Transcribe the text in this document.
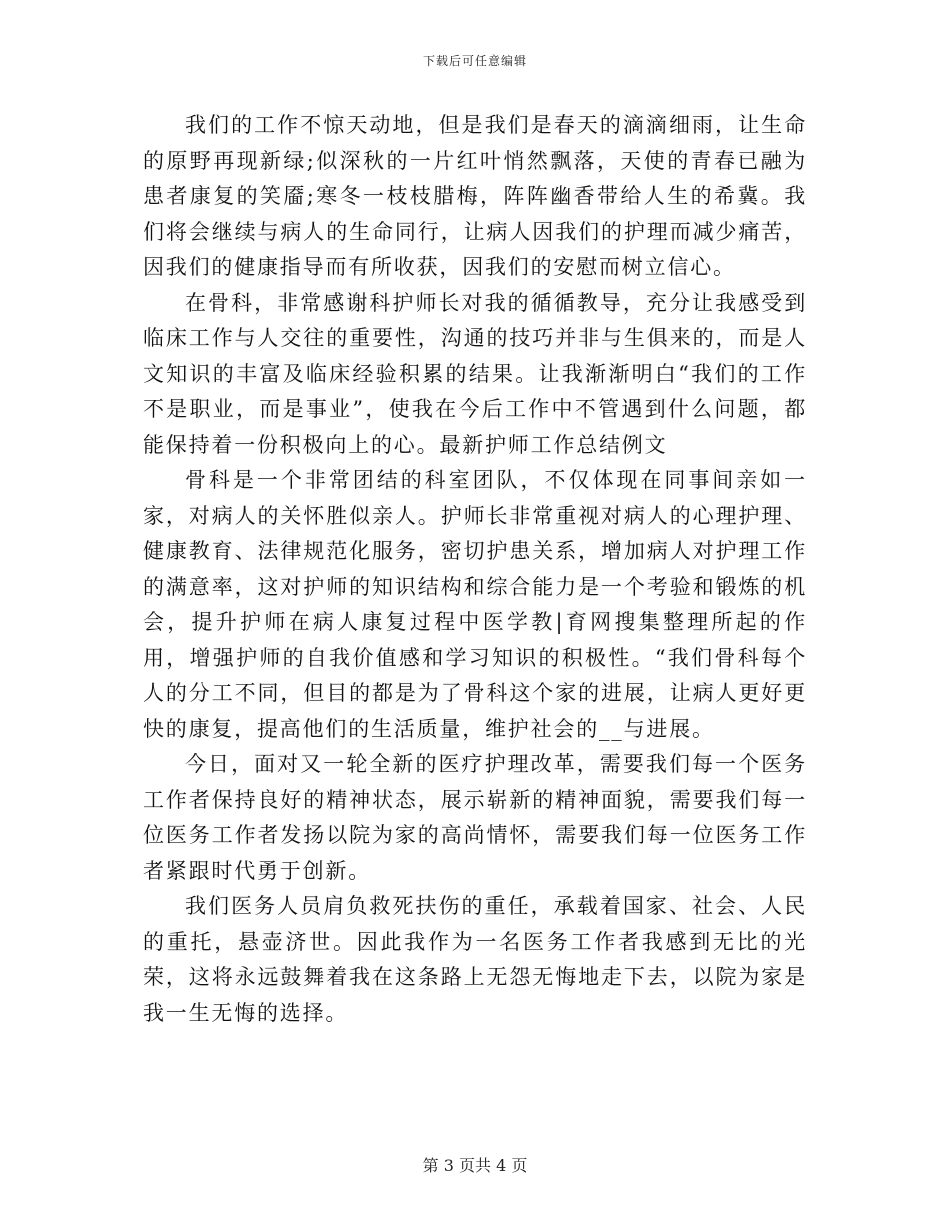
下载后可任意编辑

我们的工作不惊天动地，但是我们是春天的滴滴细雨，让生命的原野再现新绿;似深秋的一片红叶悄然飘落，天使的青春已融为患者康复的笑靥;寒冬一枝枝腊梅，阵阵幽香带给人生的希冀。我们将会继续与病人的生命同行，让病人因我们的护理而减少痛苦，因我们的健康指导而有所收获，因我们的安慰而树立信心。

在骨科，非常感谢科护师长对我的循循教导，充分让我感受到临床工作与人交往的重要性，沟通的技巧并非与生俱来的，而是人文知识的丰富及临床经验积累的结果。让我渐渐明白“我们的工作不是职业，而是事业”，使我在今后工作中不管遇到什么问题，都能保持着一份积极向上的心。最新护师工作总结例文

骨科是一个非常团结的科室团队，不仅体现在同事间亲如一家，对病人的关怀胜似亲人。护师长非常重视对病人的心理护理、健康教育、法律规范化服务，密切护患关系，增加病人对护理工作的满意率，这对护师的知识结构和综合能力是一个考验和锻炼的机会，提升护师在病人康复过程中医学教|育网搜集整理所起的作用，增强护师的自我价值感和学习知识的积极性。“我们骨科每个人的分工不同，但目的都是为了骨科这个家的进展，让病人更好更快的康复，提高他们的生活质量，维护社会的__与进展。

今日，面对又一轮全新的医疗护理改革，需要我们每一个医务工作者保持良好的精神状态，展示崭新的精神面貌，需要我们每一位医务工作者发扬以院为家的高尚情怀，需要我们每一位医务工作者紧跟时代勇于创新。

我们医务人员肩负救死扶伤的重任，承载着国家、社会、人民的重托，悬壶济世。因此我作为一名医务工作者我感到无比的光荣，这将永远鼓舞着我在这条路上无怨无悔地走下去，以院为家是我一生无悔的选择。

第 3 页共 4 页
